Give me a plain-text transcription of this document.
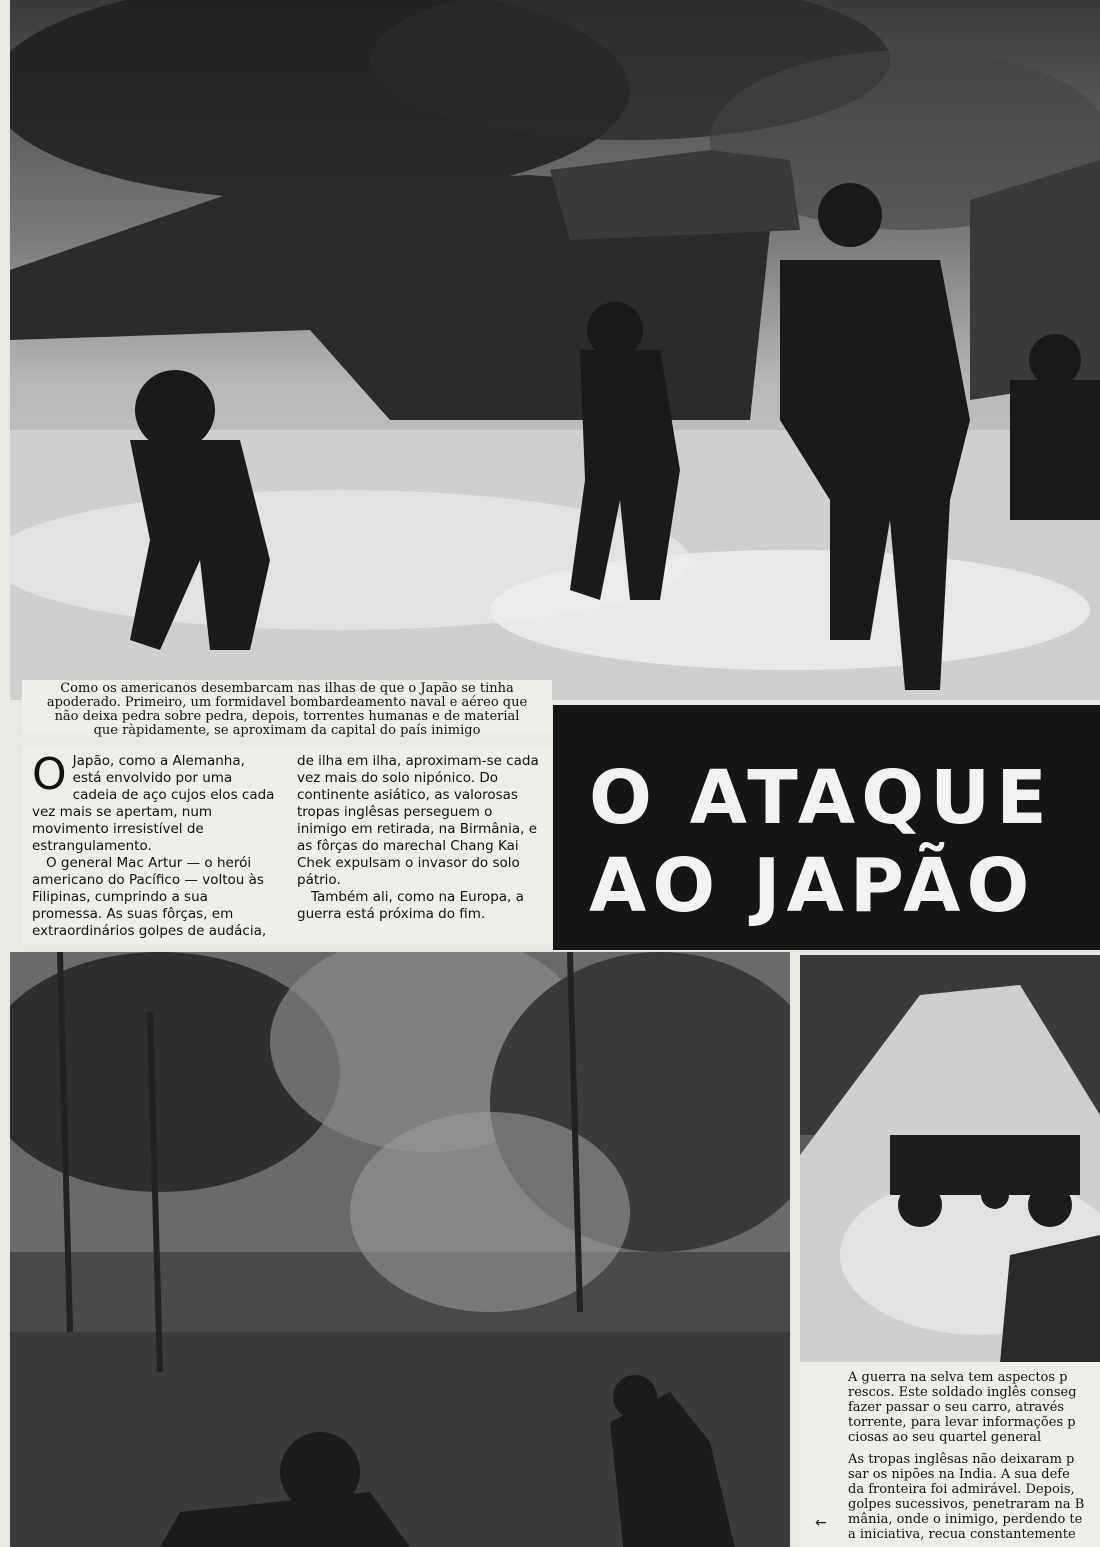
Como os americanos desembarcam nas ilhas de que o Japão se tinha
apoderado. Primeiro, um formidavel bombardeamento naval e aéreo que
não deixa pedra sobre pedra, depois, torrentes humanas e de material
que ràpidamente, se aproximam da capital do país inimigo

O Japão, como a Alemanha, está envolvido por uma cadeia de aço cujos elos cada vez mais se apertam, num movimento irresistível de estrangulamento.

O general Mac Artur — o herói americano do Pacífico — voltou às Filipinas, cumprindo a sua promessa. As suas fôrças, em extraordinários golpes de audácia,

de ilha em ilha, aproximam-se cada vez mais do solo nipónico. Do continente asiático, as valorosas tropas inglêsas perseguem o inimigo em retirada, na Birmânia, e as fôrças do marechal Chang Kai Chek expulsam o invasor do solo pátrio.

Também ali, como na Europa, a guerra está próxima do fim.

O ATAQUE
AO JAPÃO
A guerra na selva tem aspectos p
rescos. Este soldado inglês conseg
fazer passar o seu carro, através
torrente, para levar informações p
ciosas ao seu quartel general
As tropas inglêsas não deixaram p
sar os nipões na India. A sua defe
da fronteira foi admirável. Depois,
golpes sucessivos, penetraram na B
mânia, onde o inimigo, perdendo te
a iniciativa, recua constantemente
←
